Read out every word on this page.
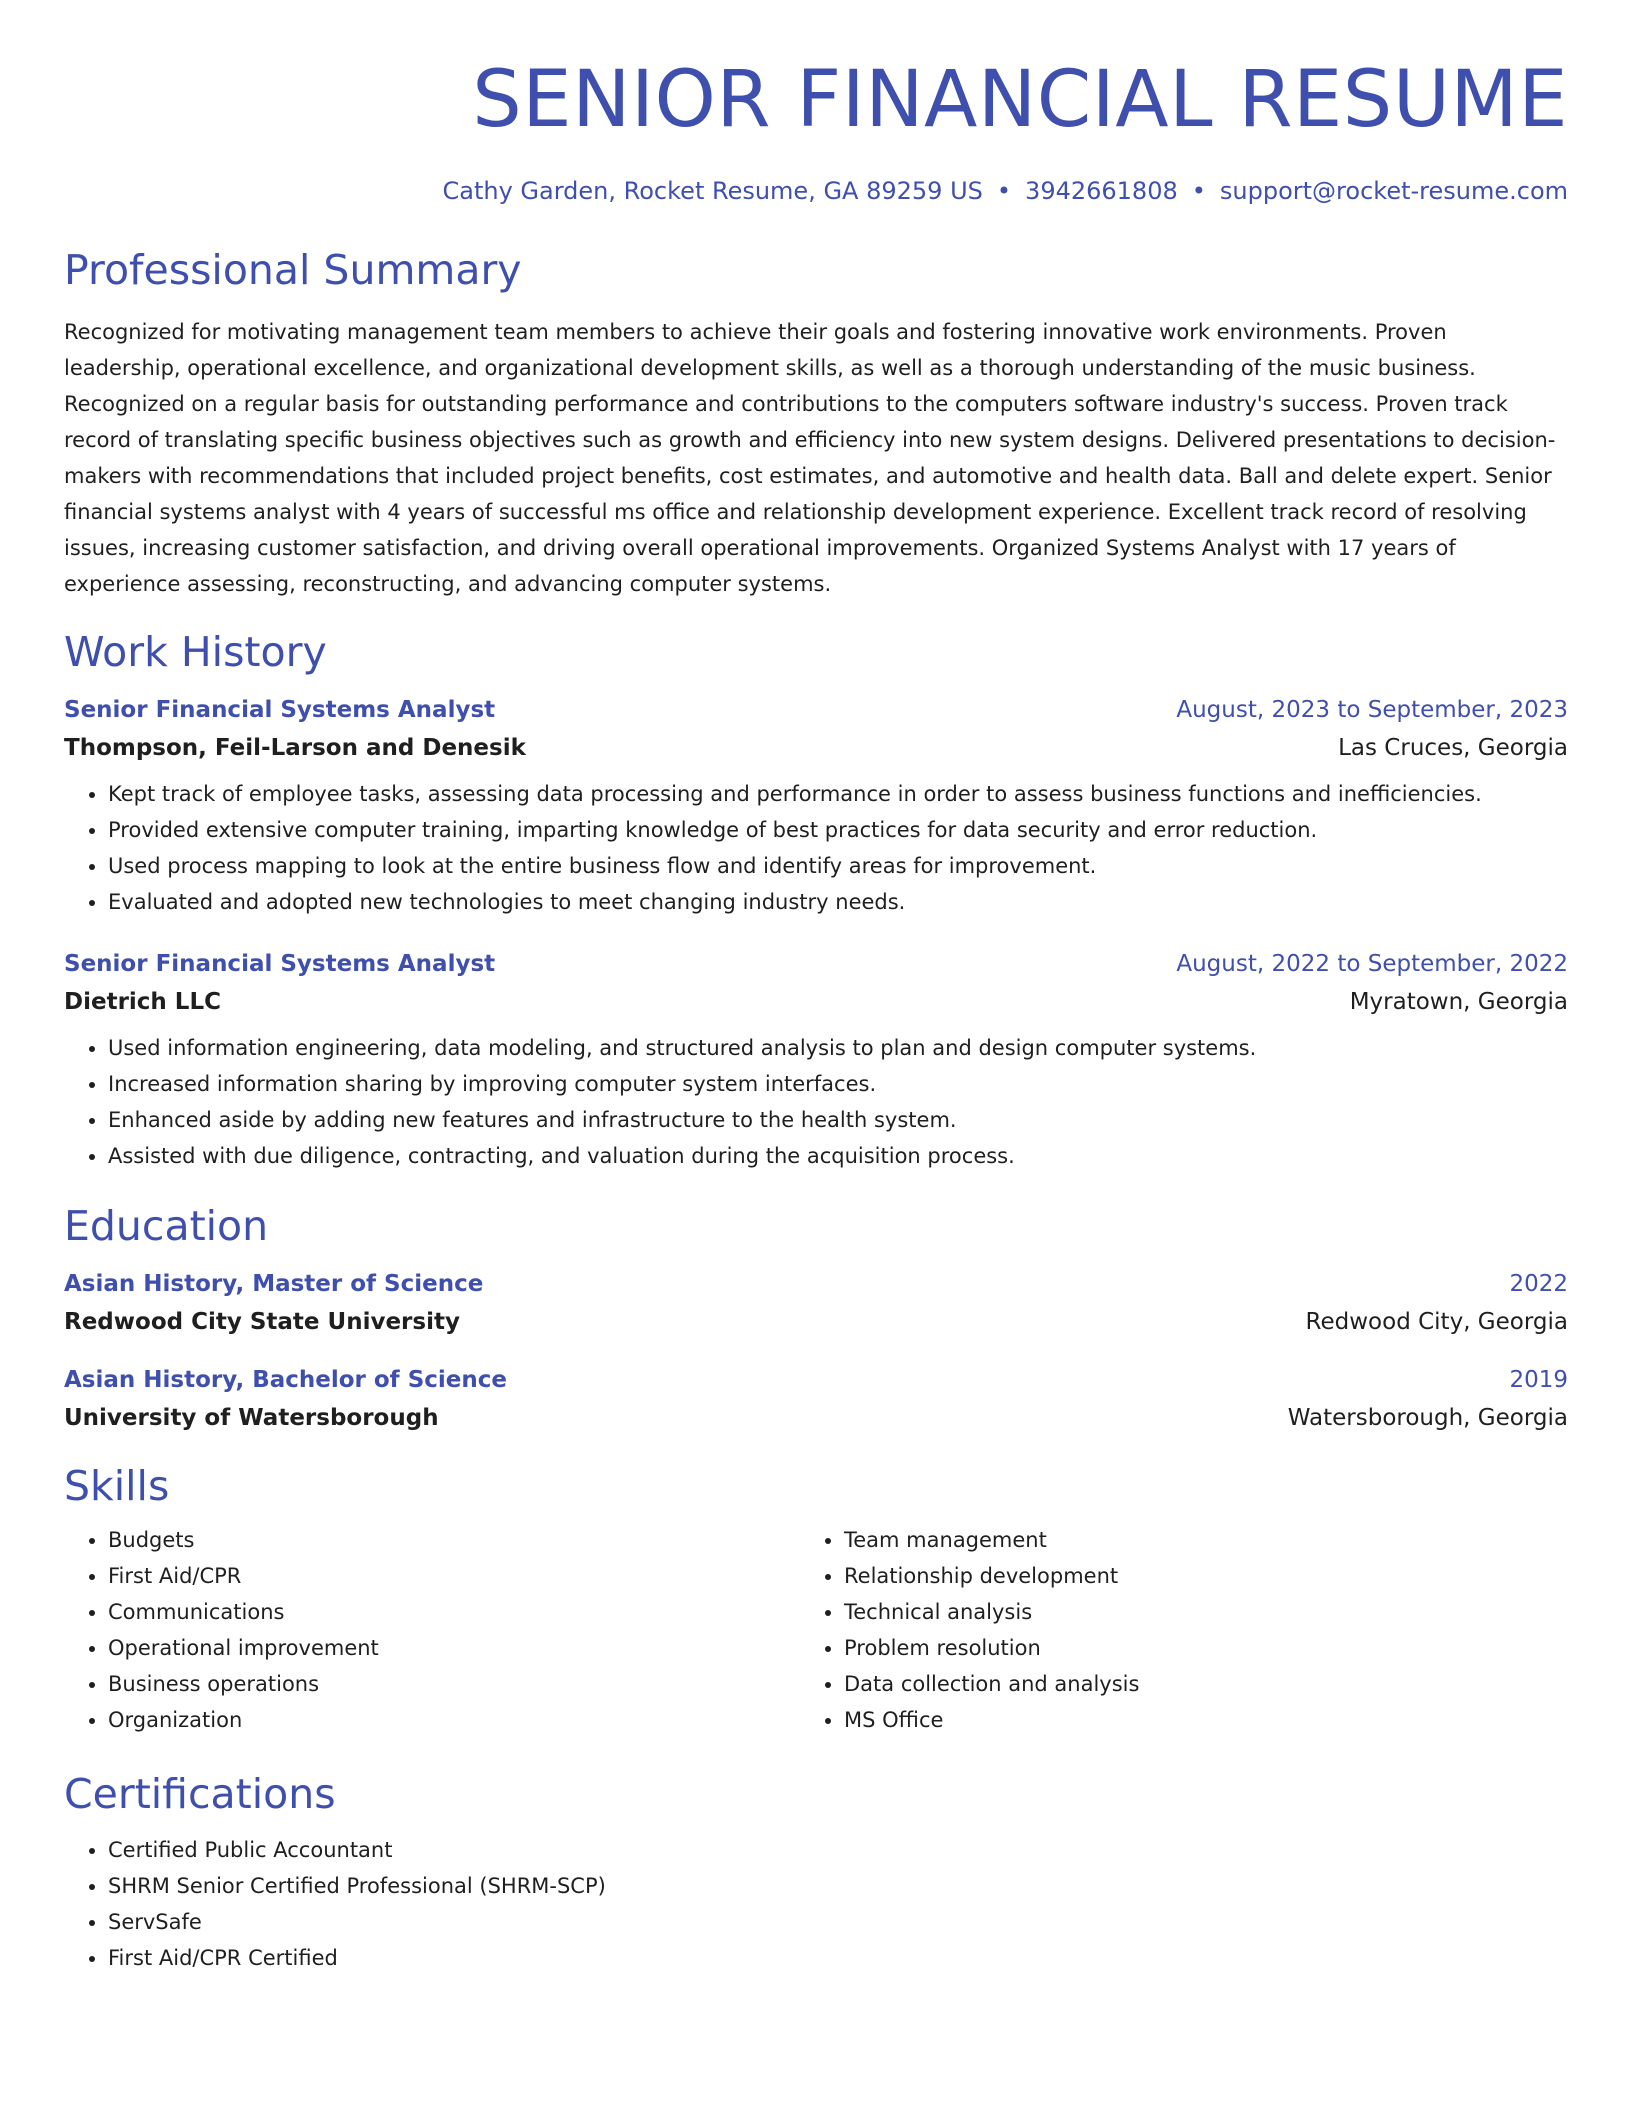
SENIOR FINANCIAL RESUME
Cathy Garden, Rocket Resume, GA 89259 US • 3942661808 • support@rocket-resume.com
Professional Summary
Recognized for motivating management team members to achieve their goals and fostering innovative work environments. Proven leadership, operational excellence, and organizational development skills, as well as a thorough understanding of the music business. Recognized on a regular basis for outstanding performance and contributions to the computers software industry's success. Proven track record of translating specific business objectives such as growth and efficiency into new system designs. Delivered presentations to decision-makers with recommendations that included project benefits, cost estimates, and automotive and health data. Ball and delete expert. Senior financial systems analyst with 4 years of successful ms office and relationship development experience. Excellent track record of resolving issues, increasing customer satisfaction, and driving overall operational improvements. Organized Systems Analyst with 17 years of experience assessing, reconstructing, and advancing computer systems.
Work History
Senior Financial Systems Analyst	August, 2023 to September, 2023
Thompson, Feil-Larson and Denesik	Las Cruces, Georgia
• Kept track of employee tasks, assessing data processing and performance in order to assess business functions and inefficiencies.
• Provided extensive computer training, imparting knowledge of best practices for data security and error reduction.
• Used process mapping to look at the entire business flow and identify areas for improvement.
• Evaluated and adopted new technologies to meet changing industry needs.
Senior Financial Systems Analyst	August, 2022 to September, 2022
Dietrich LLC	Myratown, Georgia
• Used information engineering, data modeling, and structured analysis to plan and design computer systems.
• Increased information sharing by improving computer system interfaces.
• Enhanced aside by adding new features and infrastructure to the health system.
• Assisted with due diligence, contracting, and valuation during the acquisition process.
Education
Asian History, Master of Science	2022
Redwood City State University	Redwood City, Georgia
Asian History, Bachelor of Science	2019
University of Watersborough	Watersborough, Georgia
Skills
• Budgets
• First Aid/CPR
• Communications
• Operational improvement
• Business operations
• Organization
• Team management
• Relationship development
• Technical analysis
• Problem resolution
• Data collection and analysis
• MS Office
Certifications
• Certified Public Accountant
• SHRM Senior Certified Professional (SHRM-SCP)
• ServSafe
• First Aid/CPR Certified
